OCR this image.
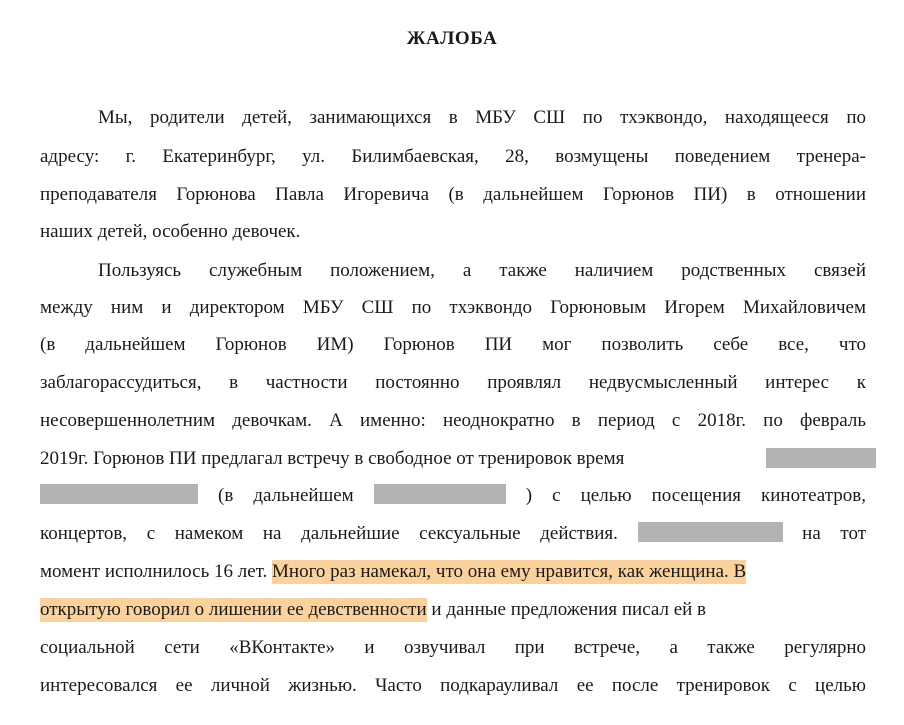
ЖАЛОБА
Мы, родители детей, занимающихся в МБУ СШ по тхэквондо, находящееся по
адресу: г. Екатеринбург, ул. Билимбаевская, 28, возмущены поведением тренера-
преподавателя Горюнова Павла Игоревича (в дальнейшем Горюнов ПИ) в отношении
наших детей, особенно девочек.
Пользуясь служебным положением, а также наличием родственных связей
между ним и директором МБУ СШ по тхэквондо Горюновым Игорем Михайловичем
(в дальнейшем Горюнов ИМ) Горюнов ПИ мог позволить себе все, что
заблагорассудиться, в частности постоянно проявлял недвусмысленный интерес к
несовершеннолетним девочкам. А именно: неоднократно в период с 2018г. по февраль
2019г. Горюнов ПИ предлагал встречу в свободное от тренировок время
(в дальнейшем	) с целью посещения кинотеатров,
концертов, с намеком на дальнейшие сексуальные действия.	на тот
момент исполнилось 16 лет. Много раз намекал, что она ему нравится, как женщина. В
открытую говорил о лишении ее девственности и данные предложения писал ей в
социальной сети «ВКонтакте» и озвучивал при встрече, а также регулярно
интересовался ее личной жизнью. Часто подкарауливал ее после тренировок с целью
